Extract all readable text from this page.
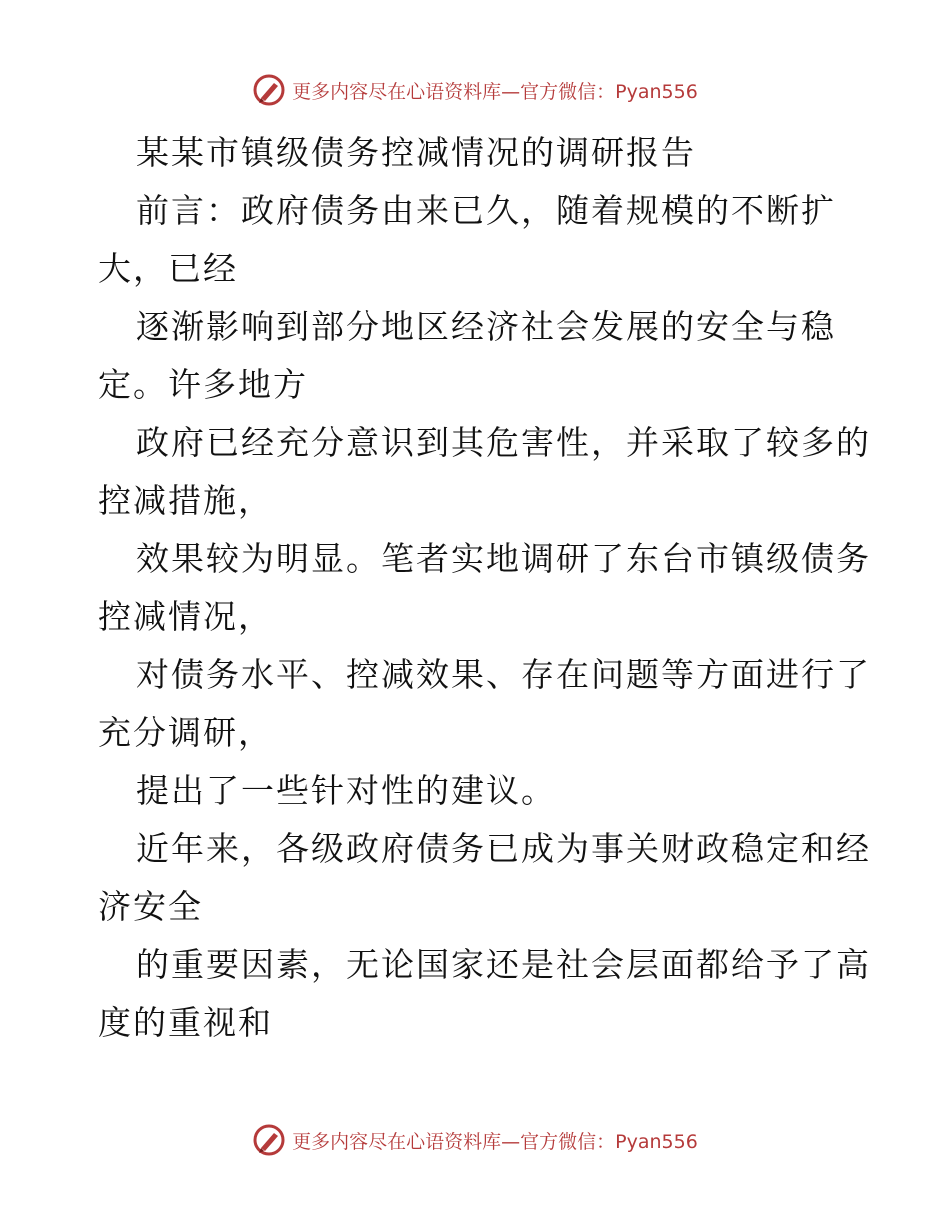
更多内容尽在心语资料库—官方微信：Pyan556
某某市镇级债务控减情况的调研报告
前言：政府债务由来已久，随着规模的不断扩
大，已经
逐渐影响到部分地区经济社会发展的安全与稳
定。许多地方
政府已经充分意识到其危害性，并采取了较多的
控减措施，
效果较为明显。笔者实地调研了东台市镇级债务
控减情况，
对债务水平、控减效果、存在问题等方面进行了
充分调研，
提出了一些针对性的建议。
近年来，各级政府债务已成为事关财政稳定和经
济安全
的重要因素，无论国家还是社会层面都给予了高
度的重视和
更多内容尽在心语资料库—官方微信：Pyan556
